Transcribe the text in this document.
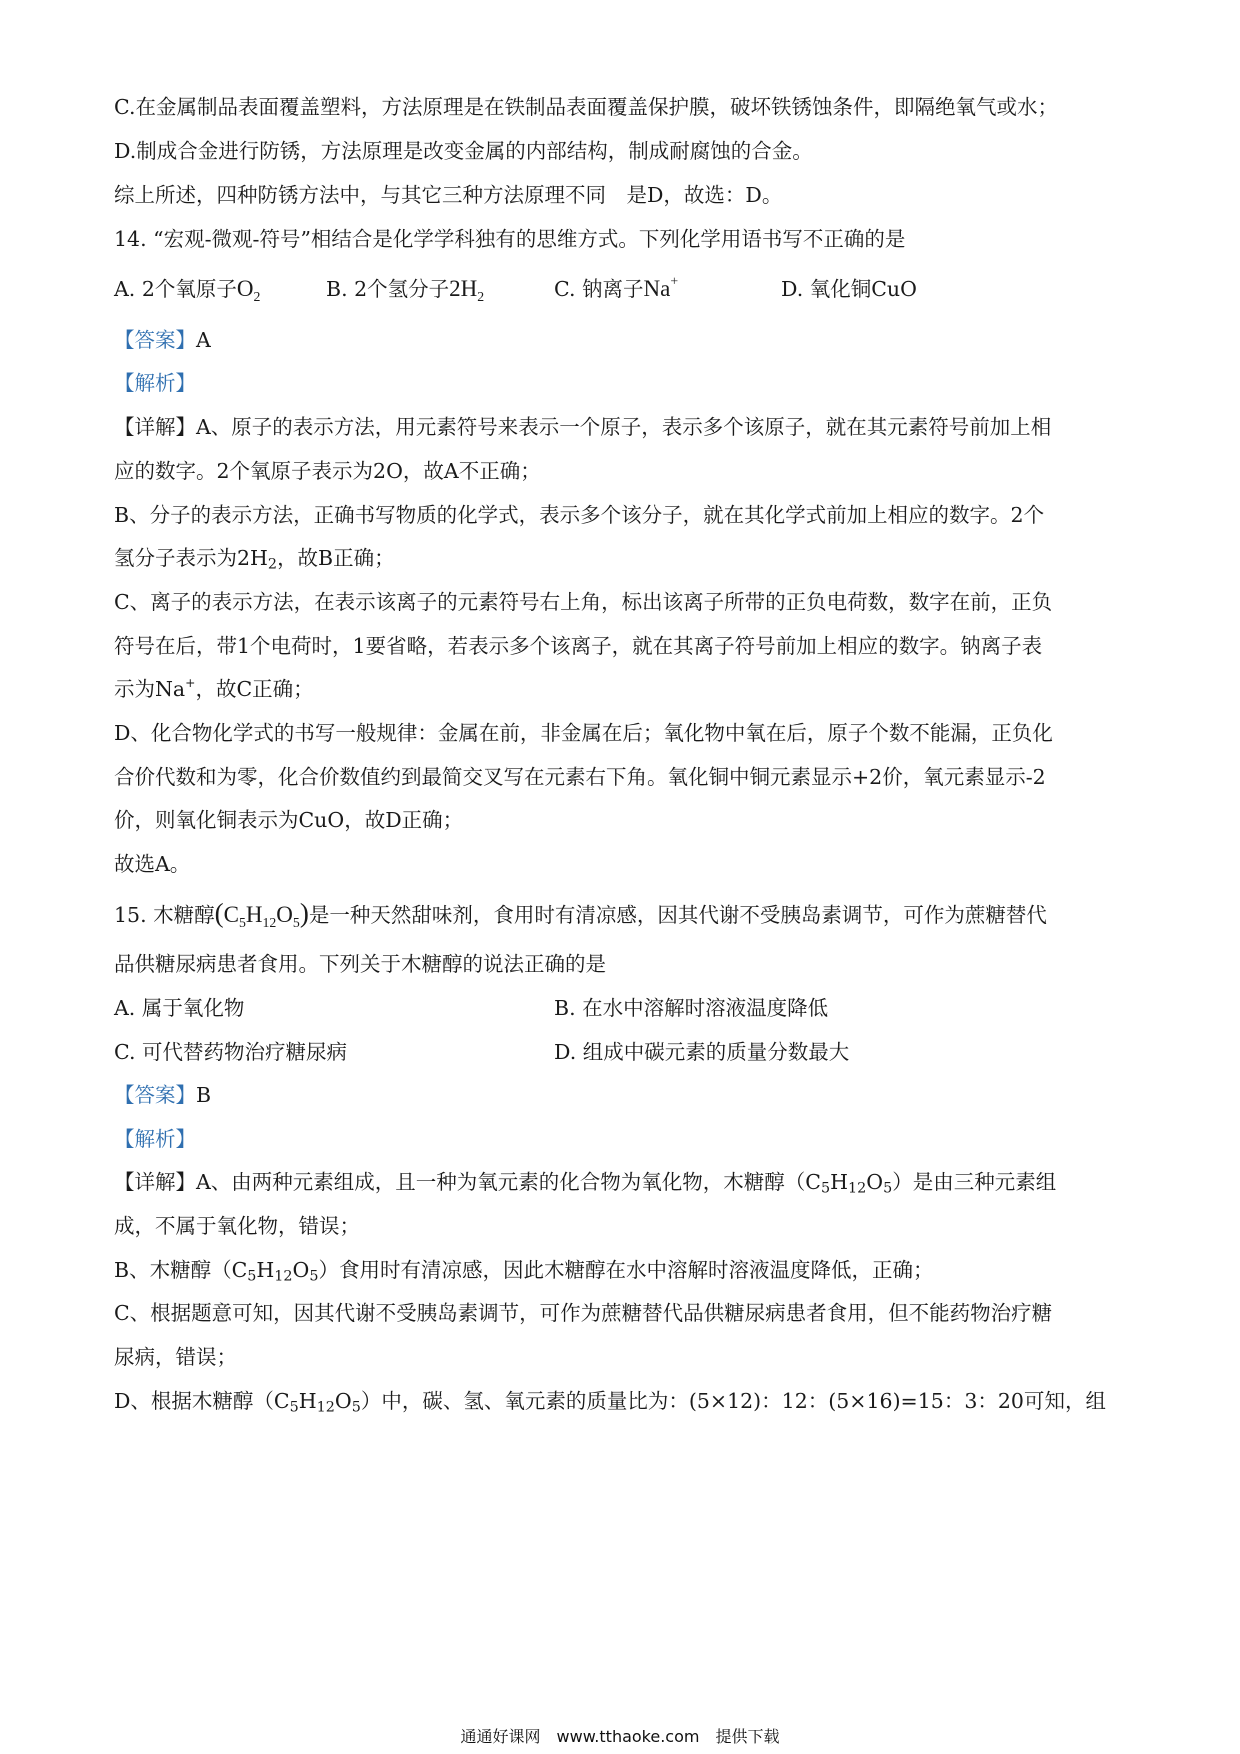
C.在金属制品表面覆盖塑料，方法原理是在铁制品表面覆盖保护膜，破坏铁锈蚀条件，即隔绝氧气或水；
D.制成合金进行防锈，方法原理是改变金属的内部结构，制成耐腐蚀的合金。
综上所述，四种防锈方法中，与其它三种方法原理不同　是D，故选：D。
14. “宏观-微观-符号”相结合是化学学科独有的思维方式。下列化学用语书写不正确的是
A. 2个氧原子$O_2$	B. 2个氢分子$2H_2$	C. 钠离子Na+	D. 氧化铜CuO
【答案】A
【解析】
【详解】A、原子的表示方法，用元素符号来表示一个原子，表示多个该原子，就在其元素符号前加上相
应的数字。2个氧原子表示为2O，故A不正确；
B、分子的表示方法，正确书写物质的化学式，表示多个该分子，就在其化学式前加上相应的数字。2个
氢分子表示为2H2，故B正确；
C、离子的表示方法，在表示该离子的元素符号右上角，标出该离子所带的正负电荷数，数字在前，正负
符号在后，带1个电荷时，1要省略，若表示多个该离子，就在其离子符号前加上相应的数字。钠离子表
示为Na+，故C正确；
D、化合物化学式的书写一般规律：金属在前，非金属在后；氧化物中氧在后，原子个数不能漏，正负化
合价代数和为零，化合价数值约到最简交叉写在元素右下角。氧化铜中铜元素显示+2价，氧元素显示-2
价，则氧化铜表示为CuO，故D正确；
故选A。
15. 木糖醇$(C_5H_{12}O_5)$是一种天然甜味剂，食用时有清凉感，因其代谢不受胰岛素调节，可作为蔗糖替代
品供糖尿病患者食用。下列关于木糖醇的说法正确的是
A. 属于氧化物	B. 在水中溶解时溶液温度降低
C. 可代替药物治疗糖尿病	D. 组成中碳元素的质量分数最大
【答案】B
【解析】
【详解】A、由两种元素组成，且一种为氧元素的化合物为氧化物，木糖醇（C5H12O5）是由三种元素组
成，不属于氧化物，错误；
B、木糖醇（C5H12O5）食用时有清凉感，因此木糖醇在水中溶解时溶液温度降低，正确；
C、根据题意可知，因其代谢不受胰岛素调节，可作为蔗糖替代品供糖尿病患者食用，但不能药物治疗糖
尿病，错误；
D、根据木糖醇（C5H12O5）中，碳、氢、氧元素的质量比为：(5×12)：12：(5×16)=15：3：20可知，组
通通好课网　www.tthaoke.com　提供下载
